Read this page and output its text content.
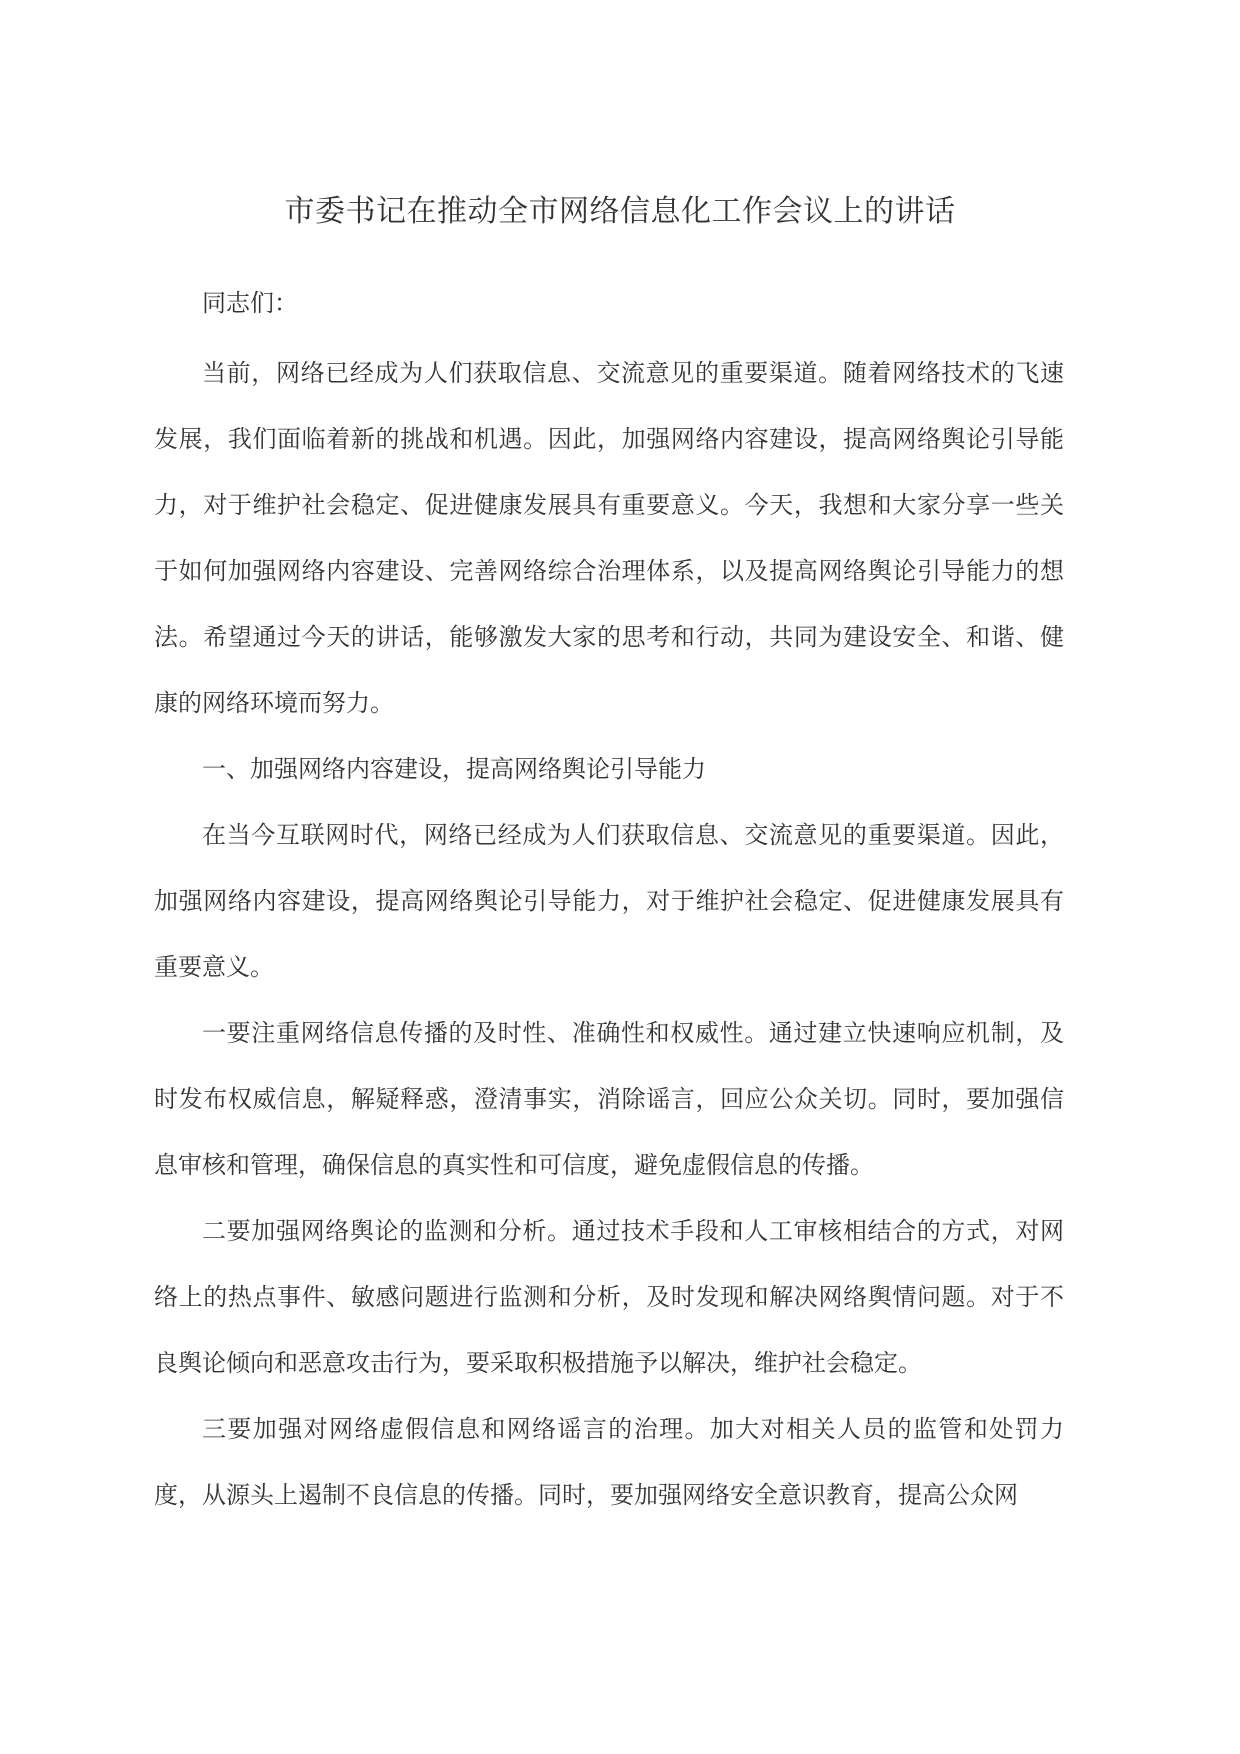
市委书记在推动全市网络信息化工作会议上的讲话

同志们：

当前，网络已经成为人们获取信息、交流意见的重要渠道。随着网络技术的飞速发展，我们面临着新的挑战和机遇。因此，加强网络内容建设，提高网络舆论引导能力，对于维护社会稳定、促进健康发展具有重要意义。今天，我想和大家分享一些关于如何加强网络内容建设、完善网络综合治理体系，以及提高网络舆论引导能力的想法。希望通过今天的讲话，能够激发大家的思考和行动，共同为建设安全、和谐、健康的网络环境而努力。

一、加强网络内容建设，提高网络舆论引导能力

在当今互联网时代，网络已经成为人们获取信息、交流意见的重要渠道。因此，加强网络内容建设，提高网络舆论引导能力，对于维护社会稳定、促进健康发展具有重要意义。

一要注重网络信息传播的及时性、准确性和权威性。通过建立快速响应机制，及时发布权威信息，解疑释惑，澄清事实，消除谣言，回应公众关切。同时，要加强信息审核和管理，确保信息的真实性和可信度，避免虚假信息的传播。

二要加强网络舆论的监测和分析。通过技术手段和人工审核相结合的方式，对网络上的热点事件、敏感问题进行监测和分析，及时发现和解决网络舆情问题。对于不良舆论倾向和恶意攻击行为，要采取积极措施予以解决，维护社会稳定。

三要加强对网络虚假信息和网络谣言的治理。加大对相关人员的监管和处罚力度，从源头上遏制不良信息的传播。同时，要加强网络安全意识教育，提高公众网
